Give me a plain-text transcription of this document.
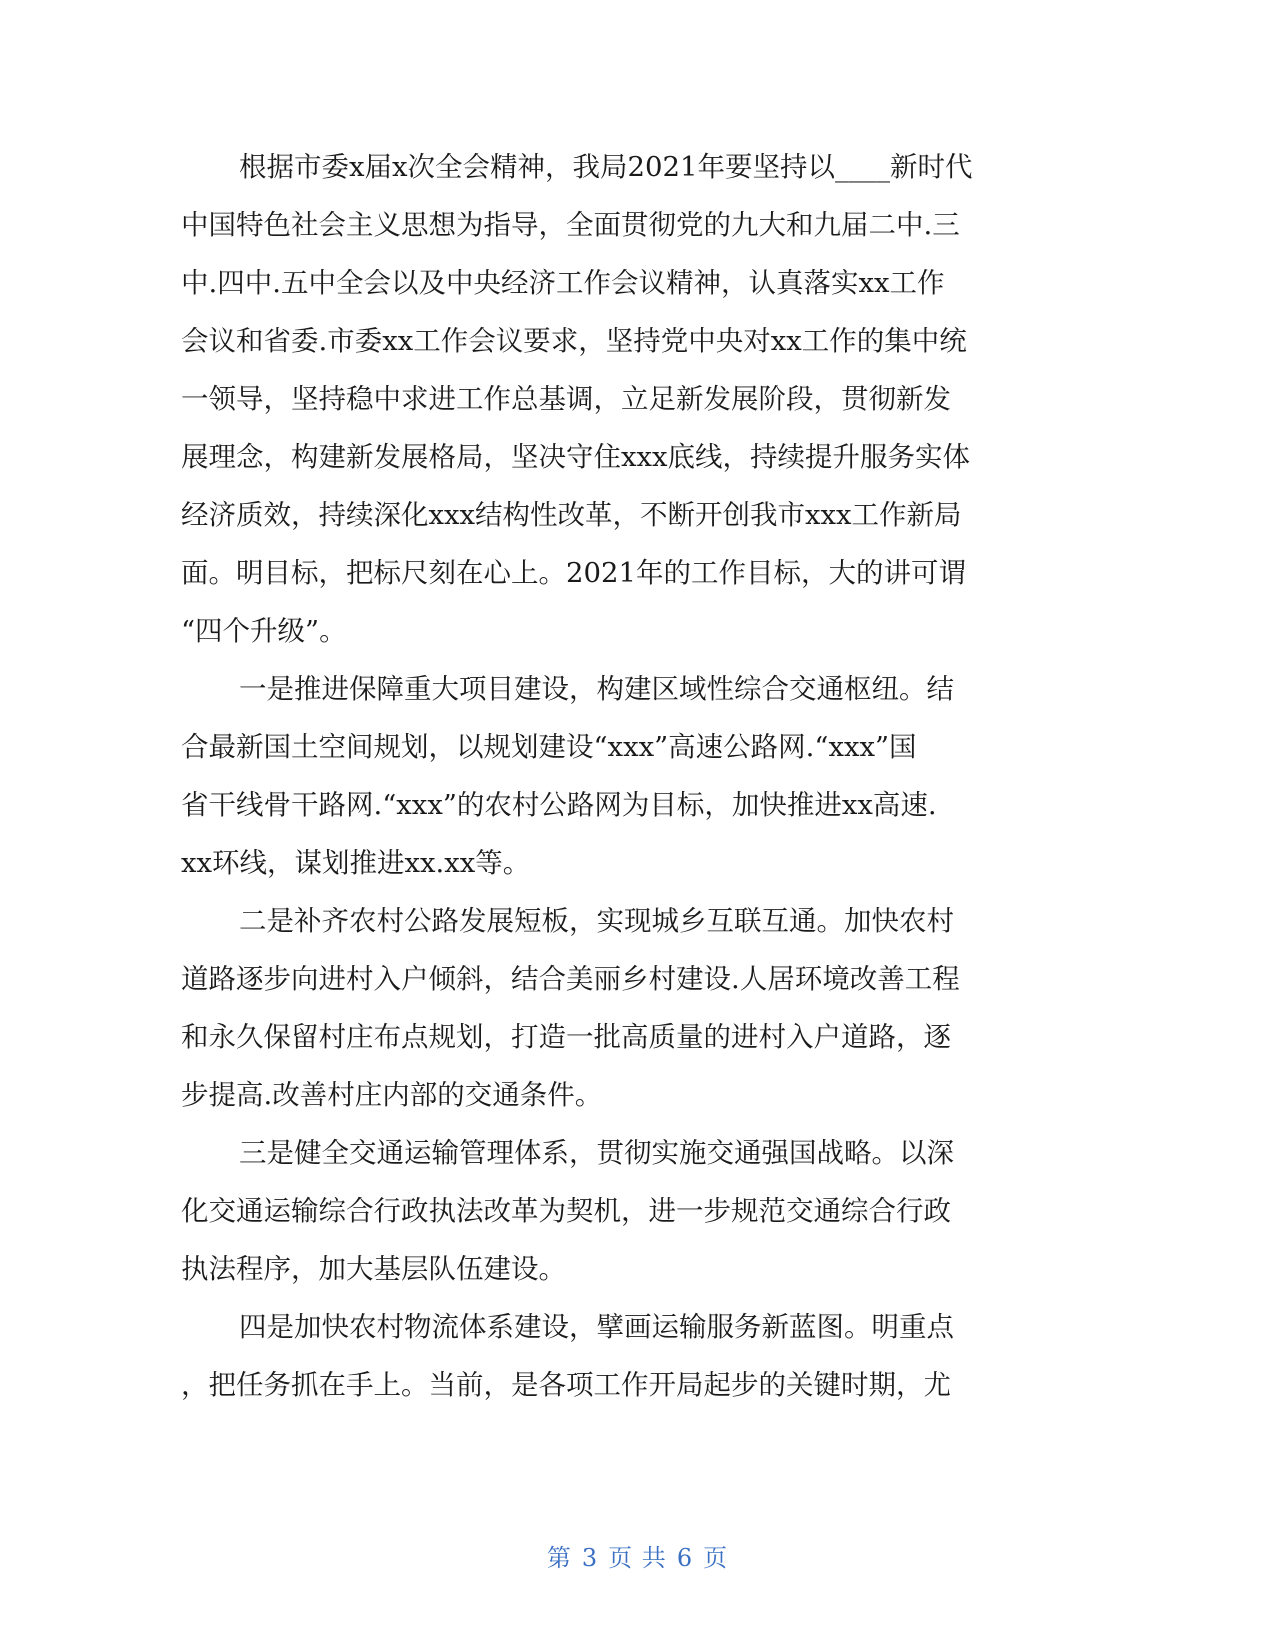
根据市委x届x次全会精神，我局2021年要坚持以____新时代
中国特色社会主义思想为指导，全面贯彻党的九大和九届二中.三
中.四中.五中全会以及中央经济工作会议精神，认真落实xx工作
会议和省委.市委xx工作会议要求，坚持党中央对xx工作的集中统
一领导，坚持稳中求进工作总基调，立足新发展阶段，贯彻新发
展理念，构建新发展格局，坚决守住xxx底线，持续提升服务实体
经济质效，持续深化xxx结构性改革，不断开创我市xxx工作新局
面。明目标，把标尺刻在心上。2021年的工作目标，大的讲可谓
“四个升级”。
一是推进保障重大项目建设，构建区域性综合交通枢纽。结
合最新国土空间规划，以规划建设“xxx”高速公路网.“xxx”国
省干线骨干路网.“xxx”的农村公路网为目标，加快推进xx高速.
xx环线，谋划推进xx.xx等。
二是补齐农村公路发展短板，实现城乡互联互通。加快农村
道路逐步向进村入户倾斜，结合美丽乡村建设.人居环境改善工程
和永久保留村庄布点规划，打造一批高质量的进村入户道路，逐
步提高.改善村庄内部的交通条件。
三是健全交通运输管理体系，贯彻实施交通强国战略。以深
化交通运输综合行政执法改革为契机，进一步规范交通综合行政
执法程序，加大基层队伍建设。
四是加快农村物流体系建设，擘画运输服务新蓝图。明重点
，把任务抓在手上。当前，是各项工作开局起步的关键时期，尤
第 3 页 共 6 页
